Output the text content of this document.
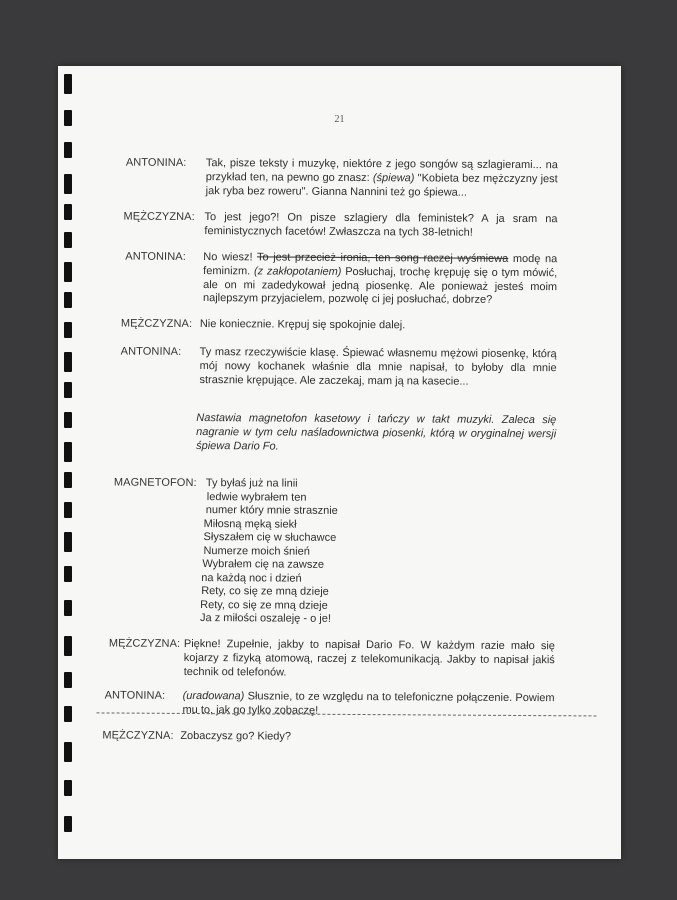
21
ANTONINA: Tak, pisze teksty i muzykę, niektóre z jego songów są szlagierami... na przykład ten, na pewno go znasz: (śpiewa) "Kobieta bez mężczyzny jest jak ryba bez roweru". Gianna Nannini też go śpiewa...
MĘŻCZYZNA: To jest jego?! On pisze szlagiery dla feministek? A ja sram na feministycznych facetów! Zwłaszcza na tych 38-letnich!
ANTONINA: No wiesz! To jest przecież ironia, ten song raczej wyśmiewa modę na feminizm. (z zakłopotaniem) Posłuchaj, trochę krępuję się o tym mówić, ale on mi zadedykował jedną piosenkę. Ale ponieważ jesteś moim najlepszym przyjacielem, pozwolę ci jej posłuchać, dobrze?
MĘŻCZYZNA: Nie koniecznie. Krępuj się spokojnie dalej.
ANTONINA: Ty masz rzeczywiście klasę. Śpiewać własnemu mężowi piosenkę, którą mój nowy kochanek właśnie dla mnie napisał, to byłoby dla mnie strasznie krępujące. Ale zaczekaj, mam ją na kasecie...
Nastawia magnetofon kasetowy i tańczy w takt muzyki. Zaleca się nagranie w tym celu naśladownictwa piosenki, którą w oryginalnej wersji śpiewa Dario Fo.
MAGNETOFON: Ty byłaś już na linii
ledwie wybrałem ten
numer który mnie strasznie
Miłosną męką siekł
Słyszałem cię w słuchawce
Numerze moich śnień
Wybrałem cię na zawsze
na każdą noc i dzień
Rety, co się ze mną dzieje
Rety, co się ze mną dzieje
Ja z miłości oszaleję - o je!
MĘŻCZYZNA: Piękne! Zupełnie, jakby to napisał Dario Fo. W każdym razie mało się kojarzy z fizyką atomową, raczej z telekomunikacją. Jakby to napisał jakiś technik od telefonów.
ANTONINA: (uradowana) Słusznie, to ze względu na to telefoniczne połączenie. Powiem mu to, jak go tylko zobaczę!
MĘŻCZYZNA: Zobaczysz go? Kiedy?
